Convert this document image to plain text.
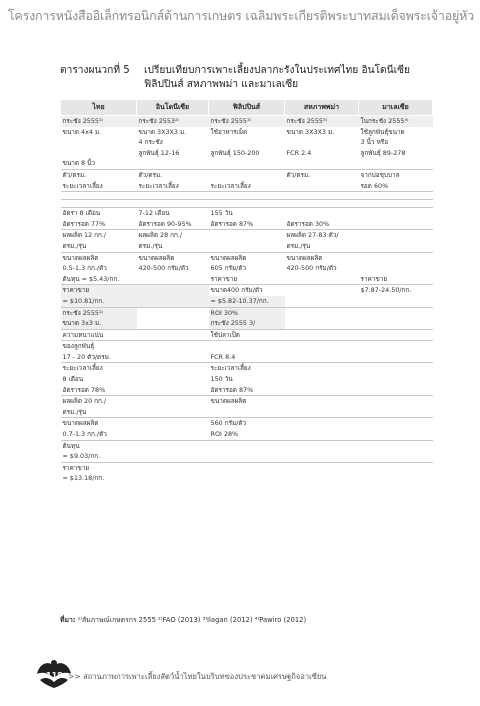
โครงการหนังสืออิเล็กทรอนิกส์ด้านการเกษตร เฉลิมพระเกียรติพระบาทสมเด็จพระเจ้าอยู่หัว
ตารางผนวกที่ 5 เปรียบเทียบการเพาะเลี้ยงปลากะรังในประเทศไทย อินโดนีเซีย ฟิลิปปินส์ สหภาพพม่า และมาเลเซีย
ไทย	อินโดนีเซีย	ฟิลิปปินส์	สหภาพพม่า	มาเลเซีย
กระชัง 2555¹⁾	กระชัง 2553²⁾	กระชัง 2555³⁾	กระชัง 2555³⁾	ในกระชัง 2555⁴⁾
ขนาด 4x4 ม.	ขนาด 3X3X3 ม.	ใช้อาหารเม็ด	ขนาด 3X3X3 ม.	ใช้ลูกพันธุ์ขนาด
	4 กระชัง			3 นิ้ว หรือ
	ลูกพันธุ์ 12-16	ลูกพันธุ์ 150-200	FCR 2.4	ลูกพันธุ์ 89-278
ขนาด 8 นิ้ว				
ตัว/ตรม.	ตัว/ตรม.		ตัว/ตรม.	จากบ่อชุบบาล
ระยะเวลาเลี้ยง	ระยะเวลาเลี้ยง	ระยะเวลาเลี้ยง		รอด 60%

อัตรา 8 เดือน	7-12 เดือน	155 วัน		
อัตรารอด 77%	อัตรารอด 90-95%	อัตรารอด 87%	อัตรารอด 30%	
ผลผลิต 12 กก./	ผลผลิต 28 กก./		ผลผลิต 27-83 ตัว/	
ตรม./รุ่น	ตรม./รุ่น		ตรม./รุ่น	
ขนาดผลผลิต	ขนาดผลผลิต	ขนาดผลผลิต	ขนาดผลผลิต	
0.5-1.3 กก./ตัว	420-500 กรัม/ตัว	605 กรัม/ตัว	420-500 กรัม/ตัว	
ต้นทุน = $5.43/กก.		ราคาขาย		ราคาขาย
ราคาขาย		ขนาด400 กรัม/ตัว		$7.87-24.50/กก.
= $10.81/กก.		= $5.82-10.37/กก.		
กระชัง 2555¹⁾		ROI 30%		
ขนาด 3x3 ม.		กระชัง 2555 3/		
ความหนาแน่น		ใช้ปลาเป็ด		
ของลูกพันธุ์				
17 - 20 ตัว/ตรม.		FCR 8.4		
ระยะเวลาเลี้ยง		ระยะเวลาเลี้ยง		
8 เดือน		150 วัน		
อัตรารอด 78%		อัตรารอด 87%		
ผลผลิต 20 กก./		ขนาดผลผลิต		
ตรม./รุ่น				
ขนาดผลผลิต		560 กรัม/ตัว		
0.7-1.3 กก./ตัว		ROI 28%		
ต้นทุน				
= $9.03/กก.				
ราคาขาย				
= $13.18/กก.				
ที่มา: ¹⁾สัมภาษณ์เกษตรกร 2555 ²⁾FAO (2013) ³⁾Ilagan (2012) ⁴⁾Pawiro (2012)
118 >> สถานภาพการเพาะเลี้ยงสัตว์น้ำไทยในบริบทของประชาคมเศรษฐกิจอาเซียน
